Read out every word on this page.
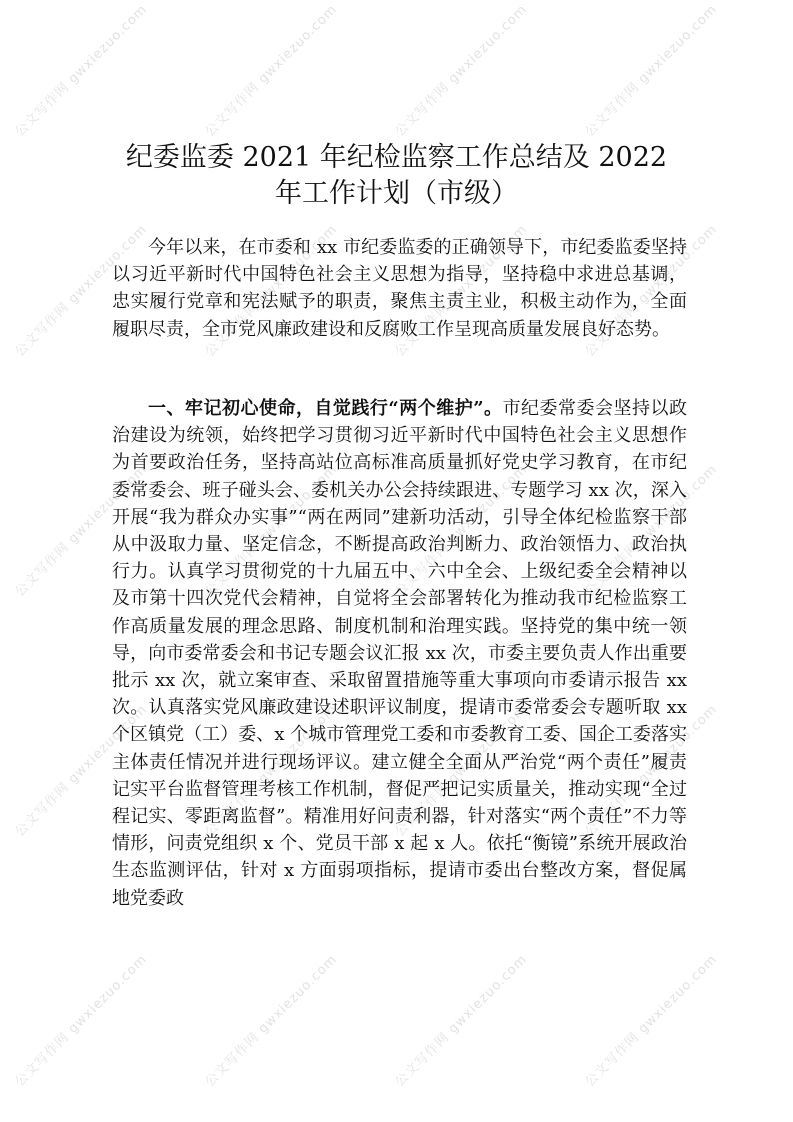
公文写作网 gwxiezuo.com	公文写作网 gwxiezuo.com	公文写作网 gwxiezuo.com	公文写作网 gwxiezuo.com
公文写作网 gwxiezuo.com	公文写作网 gwxiezuo.com	公文写作网 gwxiezuo.com	公文写作网 gwxiezuo.com
公文写作网 gwxiezuo.com	公文写作网 gwxiezuo.com	公文写作网 gwxiezuo.com	公文写作网 gwxiezuo.com
公文写作网 gwxiezuo.com	公文写作网 gwxiezuo.com	公文写作网 gwxiezuo.com	公文写作网 gwxiezuo.com
公文写作网 gwxiezuo.com	公文写作网 gwxiezuo.com	公文写作网 gwxiezuo.com	公文写作网 gwxiezuo.com
纪委监委 2021 年纪检监察工作总结及 2022
年工作计划（市级）

今年以来，在市委和 xx 市纪委监委的正确领导下，市纪委监委坚持以习近平新时代中国特色社会主义思想为指导，坚持稳中求进总基调，忠实履行党章和宪法赋予的职责，聚焦主责主业，积极主动作为，全面履职尽责，全市党风廉政建设和反腐败工作呈现高质量发展良好态势。

一、牢记初心使命，自觉践行“两个维护”。市纪委常委会坚持以政治建设为统领，始终把学习贯彻习近平新时代中国特色社会主义思想作为首要政治任务，坚持高站位高标准高质量抓好党史学习教育，在市纪委常委会、班子碰头会、委机关办公会持续跟进、专题学习 xx 次，深入开展“我为群众办实事”“两在两同”建新功活动，引导全体纪检监察干部从中汲取力量、坚定信念，不断提高政治判断力、政治领悟力、政治执行力。认真学习贯彻党的十九届五中、六中全会、上级纪委全会精神以及市第十四次党代会精神，自觉将全会部署转化为推动我市纪检监察工作高质量发展的理念思路、制度机制和治理实践。坚持党的集中统一领导，向市委常委会和书记专题会议汇报 xx 次，市委主要负责人作出重要批示 xx 次，就立案审查、采取留置措施等重大事项向市委请示报告 xx 次。认真落实党风廉政建设述职评议制度，提请市委常委会专题听取 xx 个区镇党（工）委、x 个城市管理党工委和市委教育工委、国企工委落实主体责任情况并进行现场评议。建立健全全面从严治党“两个责任”履责记实平台监督管理考核工作机制，督促严把记实质量关，推动实现“全过程记实、零距离监督”。精准用好问责利器，针对落实“两个责任”不力等情形，问责党组织 x 个、党员干部 x 起 x 人。依托“衡镜”系统开展政治生态监测评估，针对 x 方面弱项指标，提请市委出台整改方案，督促属地党委政
